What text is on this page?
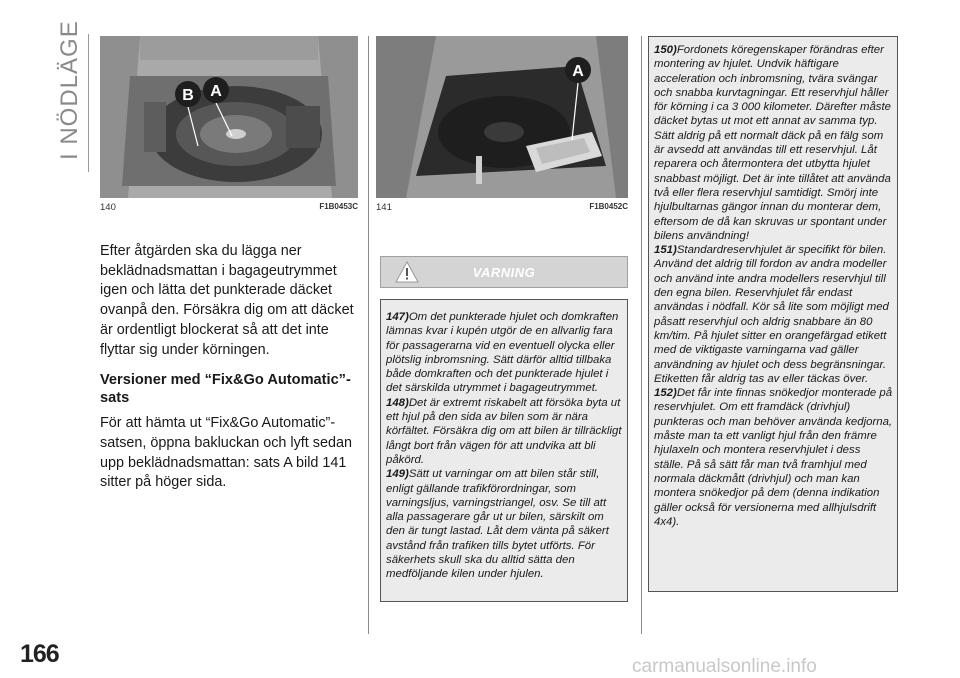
I NÖDLÄGE	B A
140	F1B0453C
A
141	F1B0452C

Efter åtgärden ska du lägga ner beklädnadsmattan i bagageutrymmet igen och lätta det punkterade däcket ovanpå den. Försäkra dig om att däcket är ordentligt blockerat så att det inte flyttar sig under körningen.

Versioner med “Fix&Go Automatic”-sats

För att hämta ut “Fix&Go Automatic”-satsen, öppna bakluckan och lyft sedan upp beklädnadsmattan: sats A bild 141 sitter på höger sida.

VARNING

147)Om det punkterade hjulet och domkraften lämnas kvar i kupén utgör de en allvarlig fara för passagerarna vid en eventuell olycka eller plötslig inbromsning. Sätt därför alltid tillbaka både domkraften och det punkterade hjulet i det särskilda utrymmet i bagageutrymmet.

148)Det är extremt riskabelt att försöka byta ut ett hjul på den sida av bilen som är nära körfältet. Försäkra dig om att bilen är tillräckligt långt bort från vägen för att undvika att bli påkörd.

149)Sätt ut varningar om att bilen står still, enligt gällande trafikförordningar, som varningsljus, varningstriangel, osv. Se till att alla passagerare går ut ur bilen, särskilt om den är tungt lastad. Låt dem vänta på säkert avstånd från trafiken tills bytet utförts. För säkerhets skull ska du alltid sätta den medföljande kilen under hjulen.

150)Fordonets köregenskaper förändras efter montering av hjulet. Undvik häftigare acceleration och inbromsning, tvära svängar och snabba kurvtagningar. Ett reservhjul håller för körning i ca 3 000 kilometer. Därefter måste däcket bytas ut mot ett annat av samma typ. Sätt aldrig på ett normalt däck på en fälg som är avsedd att användas till ett reservhjul. Låt reparera och återmontera det utbytta hjulet snabbast möjligt. Det är inte tillåtet att använda två eller flera reservhjul samtidigt. Smörj inte hjulbultarnas gängor innan du monterar dem, eftersom de då kan skruvas ur spontant under bilens användning!

151)Standardreservhjulet är specifikt för bilen. Använd det aldrig till fordon av andra modeller och använd inte andra modellers reservhjul till den egna bilen. Reservhjulet får endast användas i nödfall. Kör så lite som möjligt med påsatt reservhjul och aldrig snabbare än 80 km/tim. På hjulet sitter en orangefärgad etikett med de viktigaste varningarna vad gäller användning av hjulet och dess begränsningar. Etiketten får aldrig tas av eller täckas över.

152)Det får inte finnas snökedjor monterade på reservhjulet. Om ett framdäck (drivhjul) punkteras och man behöver använda kedjorna, måste man ta ett vanligt hjul från den främre hjulaxeln och montera reservhjulet i dess ställe. På så sätt får man två framhjul med normala däckmått (drivhjul) och man kan montera snökedjor på dem (denna indikation gäller också för versionerna med allhjulsdrift 4x4).

166	carmanualsonline.info
